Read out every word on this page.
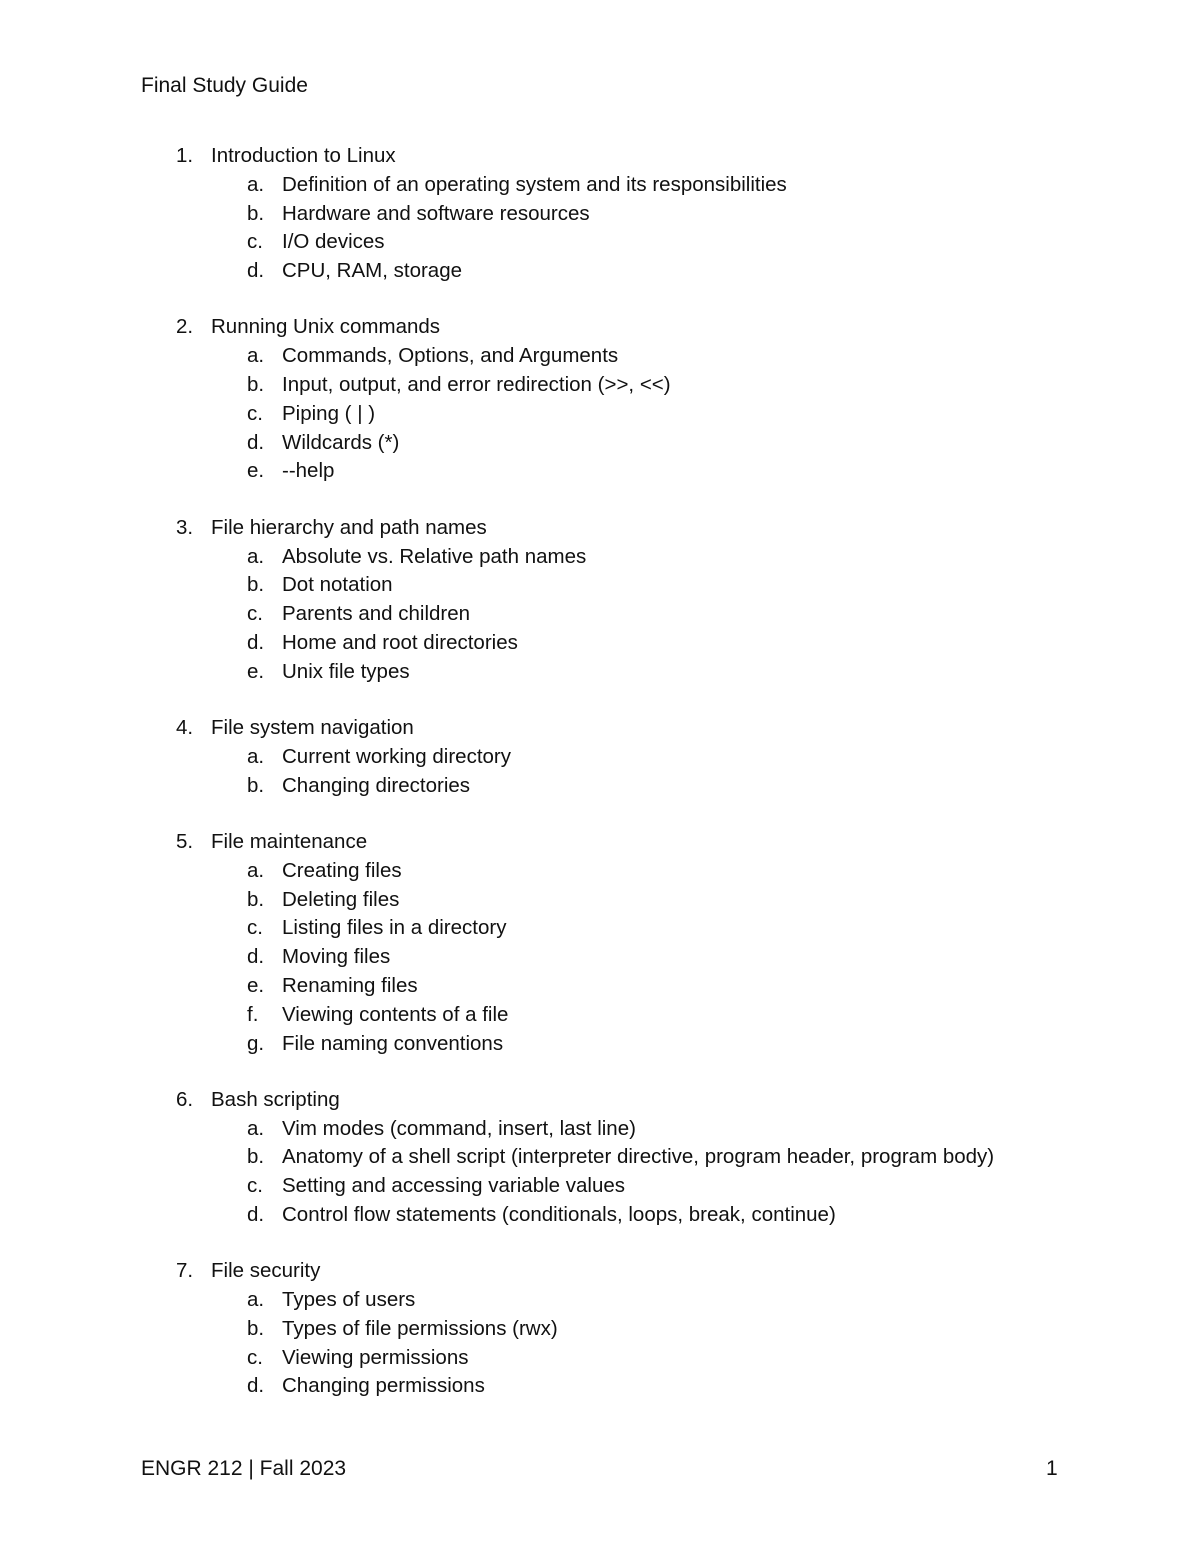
Final Study Guide
1. Introduction to Linux
a. Definition of an operating system and its responsibilities
b. Hardware and software resources
c. I/O devices
d. CPU, RAM, storage
2. Running Unix commands
a. Commands, Options, and Arguments
b. Input, output, and error redirection (>>, <<)
c. Piping ( | )
d. Wildcards (*)
e. --help
3. File hierarchy and path names
a. Absolute vs. Relative path names
b. Dot notation
c. Parents and children
d. Home and root directories
e. Unix file types
4. File system navigation
a. Current working directory
b. Changing directories
5. File maintenance
a. Creating files
b. Deleting files
c. Listing files in a directory
d. Moving files
e. Renaming files
f. Viewing contents of a file
g. File naming conventions
6. Bash scripting
a. Vim modes (command, insert, last line)
b. Anatomy of a shell script (interpreter directive, program header, program body)
c. Setting and accessing variable values
d. Control flow statements (conditionals, loops, break, continue)
7. File security
a. Types of users
b. Types of file permissions (rwx)
c. Viewing permissions
d. Changing permissions
ENGR 212 | Fall 2023	1
